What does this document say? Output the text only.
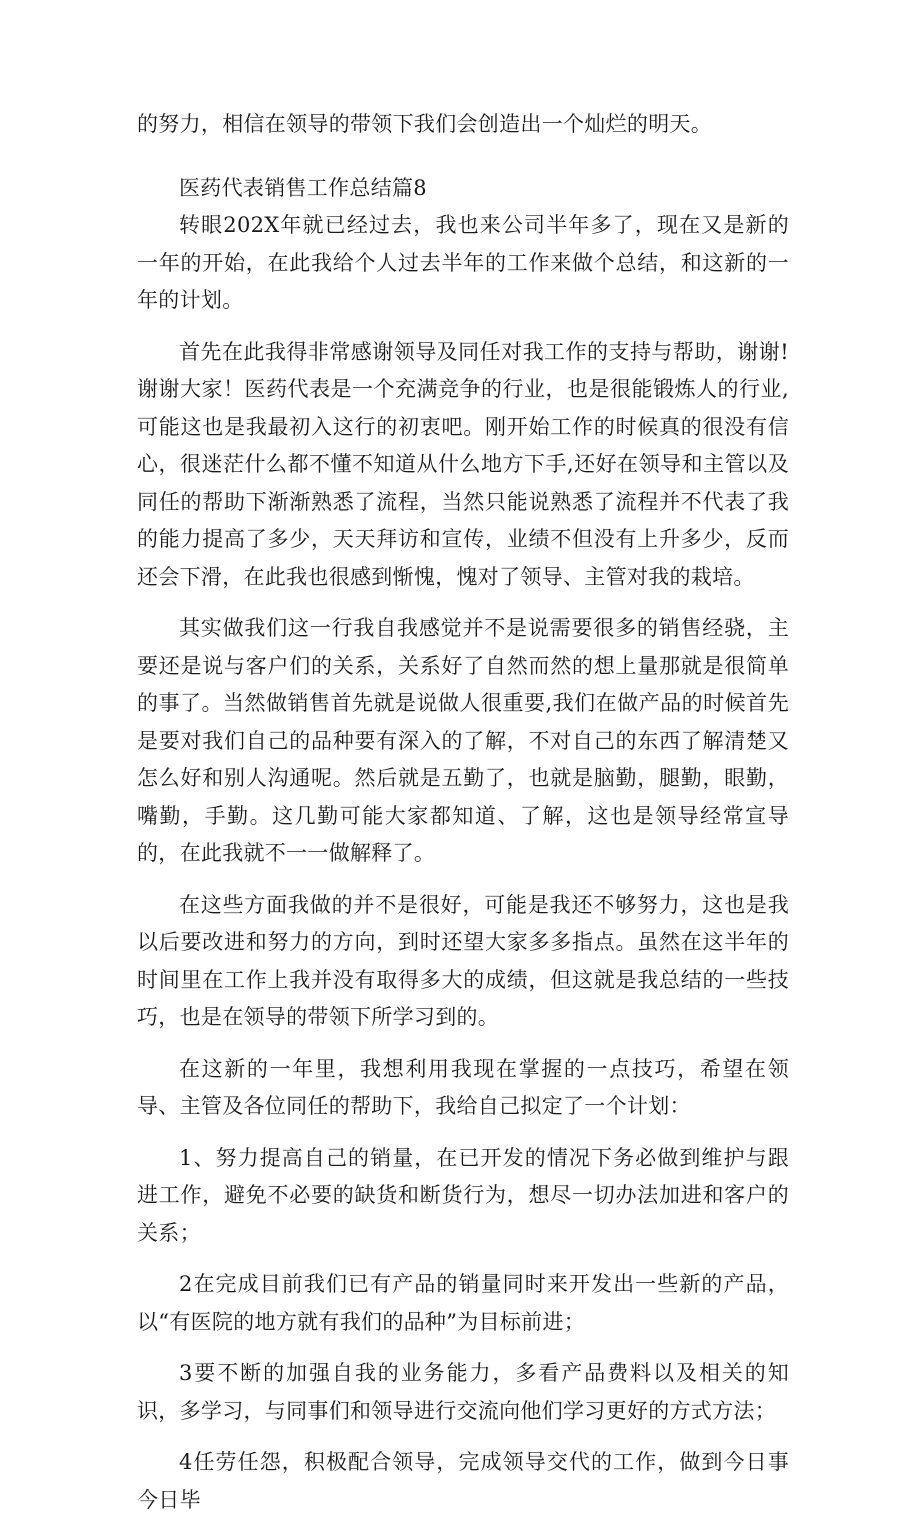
的努力，相信在领导的带领下我们会创造出一个灿烂的明天。

医药代表销售工作总结篇8

转眼202X年就已经过去，我也来公司半年多了，现在又是新的一年的开始，在此我给个人过去半年的工作来做个总结，和这新的一年的计划。

首先在此我得非常感谢领导及同任对我工作的支持与帮助，谢谢!谢谢大家！医药代表是一个充满竞争的行业，也是很能锻炼人的行业,可能这也是我最初入这行的初衷吧。刚开始工作的时候真的很没有信心，很迷茫什么都不懂不知道从什么地方下手,还好在领导和主管以及同任的帮助下渐渐熟悉了流程，当然只能说熟悉了流程并不代表了我的能力提高了多少，天天拜访和宣传，业绩不但没有上升多少，反而还会下滑，在此我也很感到惭愧，愧对了领导、主管对我的栽培。

其实做我们这一行我自我感觉并不是说需要很多的销售经骁，主要还是说与客户们的关系，关系好了自然而然的想上量那就是很简单的事了。当然做销售首先就是说做人很重要,我们在做产品的时候首先是要对我们自己的品种要有深入的了解，不对自己的东西了解清楚又怎么好和别人沟通呢。然后就是五勤了，也就是脑勤，腿勤，眼勤，嘴勤，手勤。这几勤可能大家都知道、了解，这也是领导经常宣导的，在此我就不一一做解释了。

在这些方面我做的并不是很好，可能是我还不够努力，这也是我以后要改进和努力的方向，到时还望大家多多指点。虽然在这半年的时间里在工作上我并没有取得多大的成绩，但这就是我总结的一些技巧，也是在领导的带领下所学习到的。

在这新的一年里，我想利用我现在掌握的一点技巧，希望在领导、主管及各位同任的帮助下，我给自己拟定了一个计划：

1、努力提高自己的销量，在已开发的情况下务必做到维护与跟进工作，避免不必要的缺货和断货行为，想尽一切办法加进和客户的关系；

2在完成目前我们已有产品的销量同时来开发出一些新的产品，以“有医院的地方就有我们的品种”为目标前进；

3要不断的加强自我的业务能力，多看产品费料以及相关的知识，多学习，与同事们和领导进行交流向他们学习更好的方式方法；

4任劳任怨，积极配合领导，完成领导交代的工作，做到今日事今日毕
